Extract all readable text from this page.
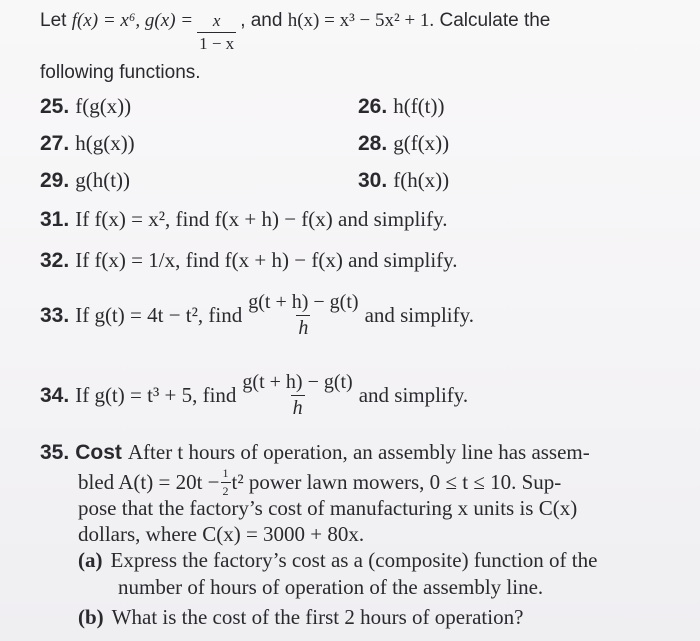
Let f(x) = x⁶, $g(x) = \frac{x}{1 - x}$ , and h(x) = x³ − 5x² + 1. Calculate the
following functions.
25. f(g(x))	26. h(f(t))
27. h(g(x))	28. g(f(x))
29. g(h(t))	30. f(h(x))
31. If f(x) = x², find f(x + h) − f(x) and simplify.
32. If f(x) = 1/x, find f(x + h) − f(x) and simplify.
33. If g(t) = 4t − t², find $\frac{g(t + h) - g(t)}{h}$ and simplify.
34. If g(t) = t³ + 5, find $\frac{g(t + h) - g(t)}{h}$ and simplify.
35. Cost After t hours of operation, an assembly line has assem-
bled $A(t) = 20t - \frac{1}{2} t^2$ power lawn mowers, 0 ≤ t ≤ 10. Sup-
pose that the factory’s cost of manufacturing x units is C(x)
dollars, where C(x) = 3000 + 80x.
(a) Express the factory’s cost as a (composite) function of the
number of hours of operation of the assembly line.
(b) What is the cost of the first 2 hours of operation?
